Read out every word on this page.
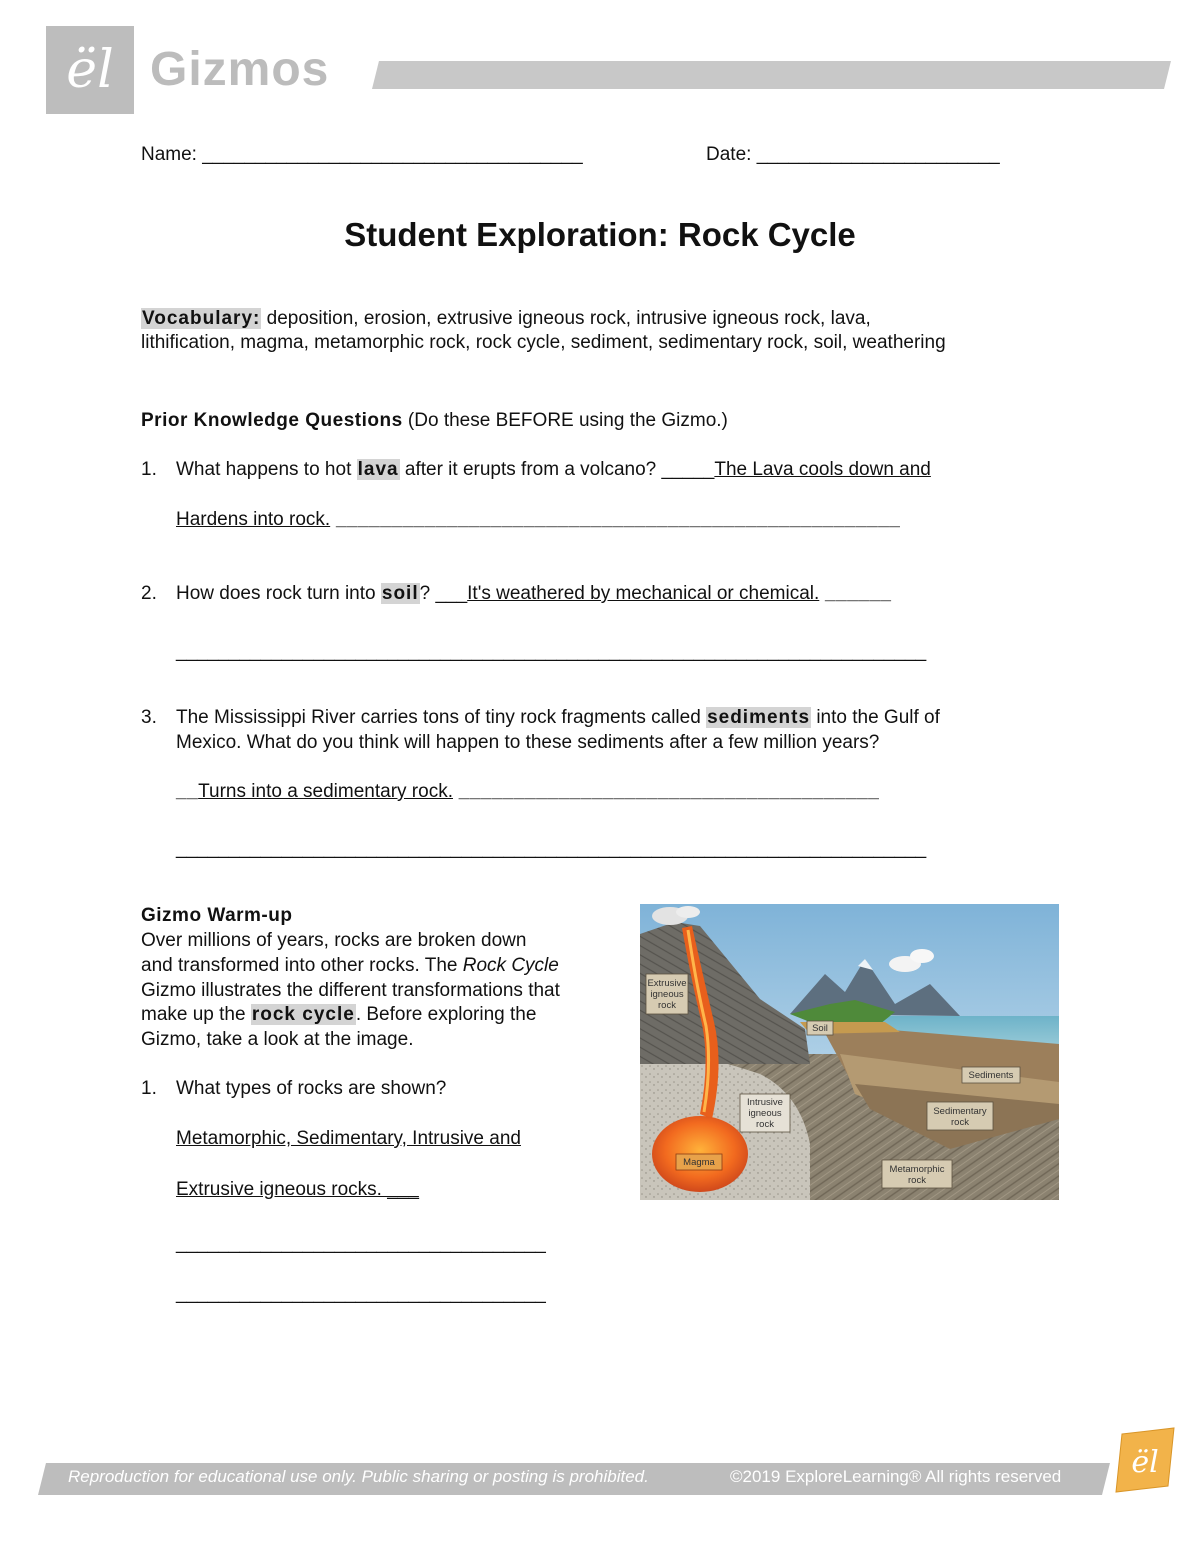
ël Gizmos
Name: ____________________________________	Date: _______________________
Student Exploration: Rock Cycle
Vocabulary: deposition, erosion, extrusive igneous rock, intrusive igneous rock, lava,
lithification, magma, metamorphic rock, rock cycle, sediment, sedimentary rock, soil, weathering
Prior Knowledge Questions (Do these BEFORE using the Gizmo.)
1. What happens to hot lava after it erupts from a volcano? _____The Lava cools down and
Hardens into rock. ___________________________________________________
2. How does rock turn into soil? ___It's weathered by mechanical or chemical. ______
_______________________________________________________________________
3. The Mississippi River carries tons of tiny rock fragments called sediments into the Gulf of
Mexico. What do you think will happen to these sediments after a few million years?
__Turns into a sedimentary rock. ______________________________________
_______________________________________________________________________
Gizmo Warm-up
Over millions of years, rocks are broken down
and transformed into other rocks. The Rock Cycle
Gizmo illustrates the different transformations that
make up the rock cycle. Before exploring the
Gizmo, take a look at the image.
1. What types of rocks are shown?
Metamorphic, Sedimentary, Intrusive and
Extrusive igneous rocks. ___
___________________________________
___________________________________
Extrusive
igneous
rock
Soil
Sediments
Intrusive
igneous
rock
Sedimentary
rock
Magma
Metamorphic
rock
Reproduction for educational use only. Public sharing or posting is prohibited.	©2019 ExploreLearning® All rights reserved ël
